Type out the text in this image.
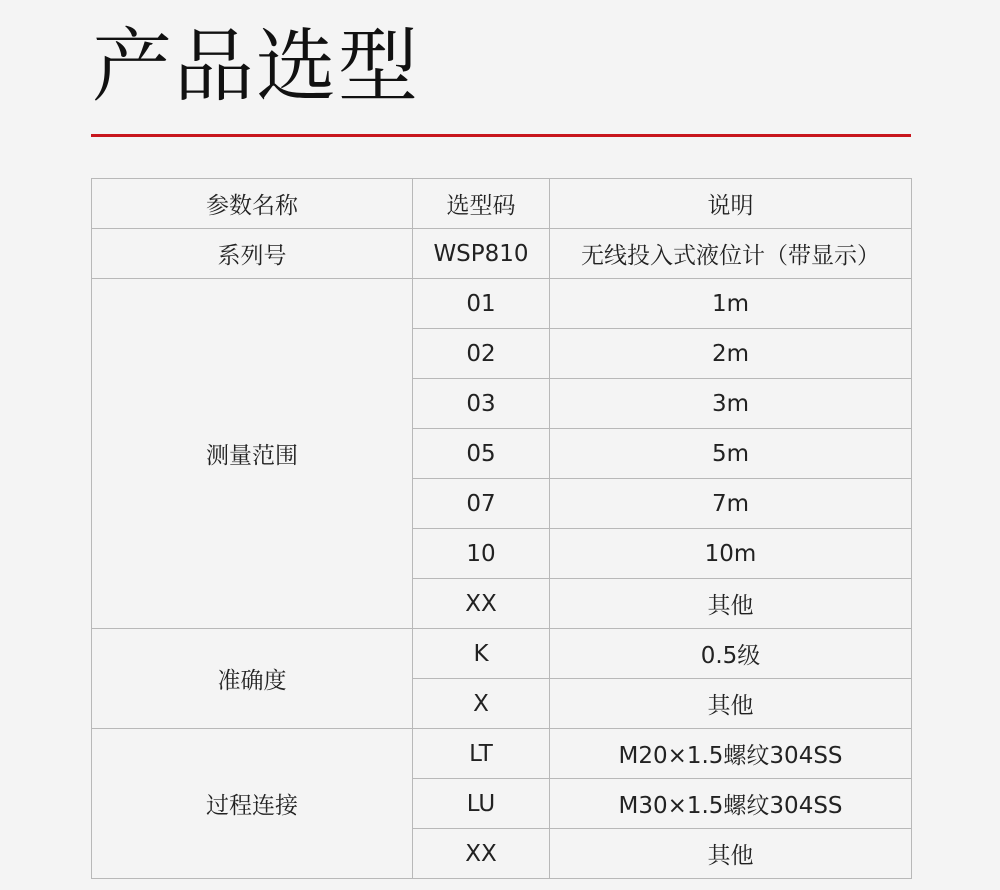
产品选型
参数名称	选型码	说明
系列号	WSP810	无线投入式液位计（带显示）
测量范围	01	1m
	02	2m
	03	3m
	05	5m
	07	7m
	10	10m
	XX	其他
准确度	K	0.5级
	X	其他
过程连接	LT	M20×1.5螺纹304SS
	LU	M30×1.5螺纹304SS
	XX	其他
